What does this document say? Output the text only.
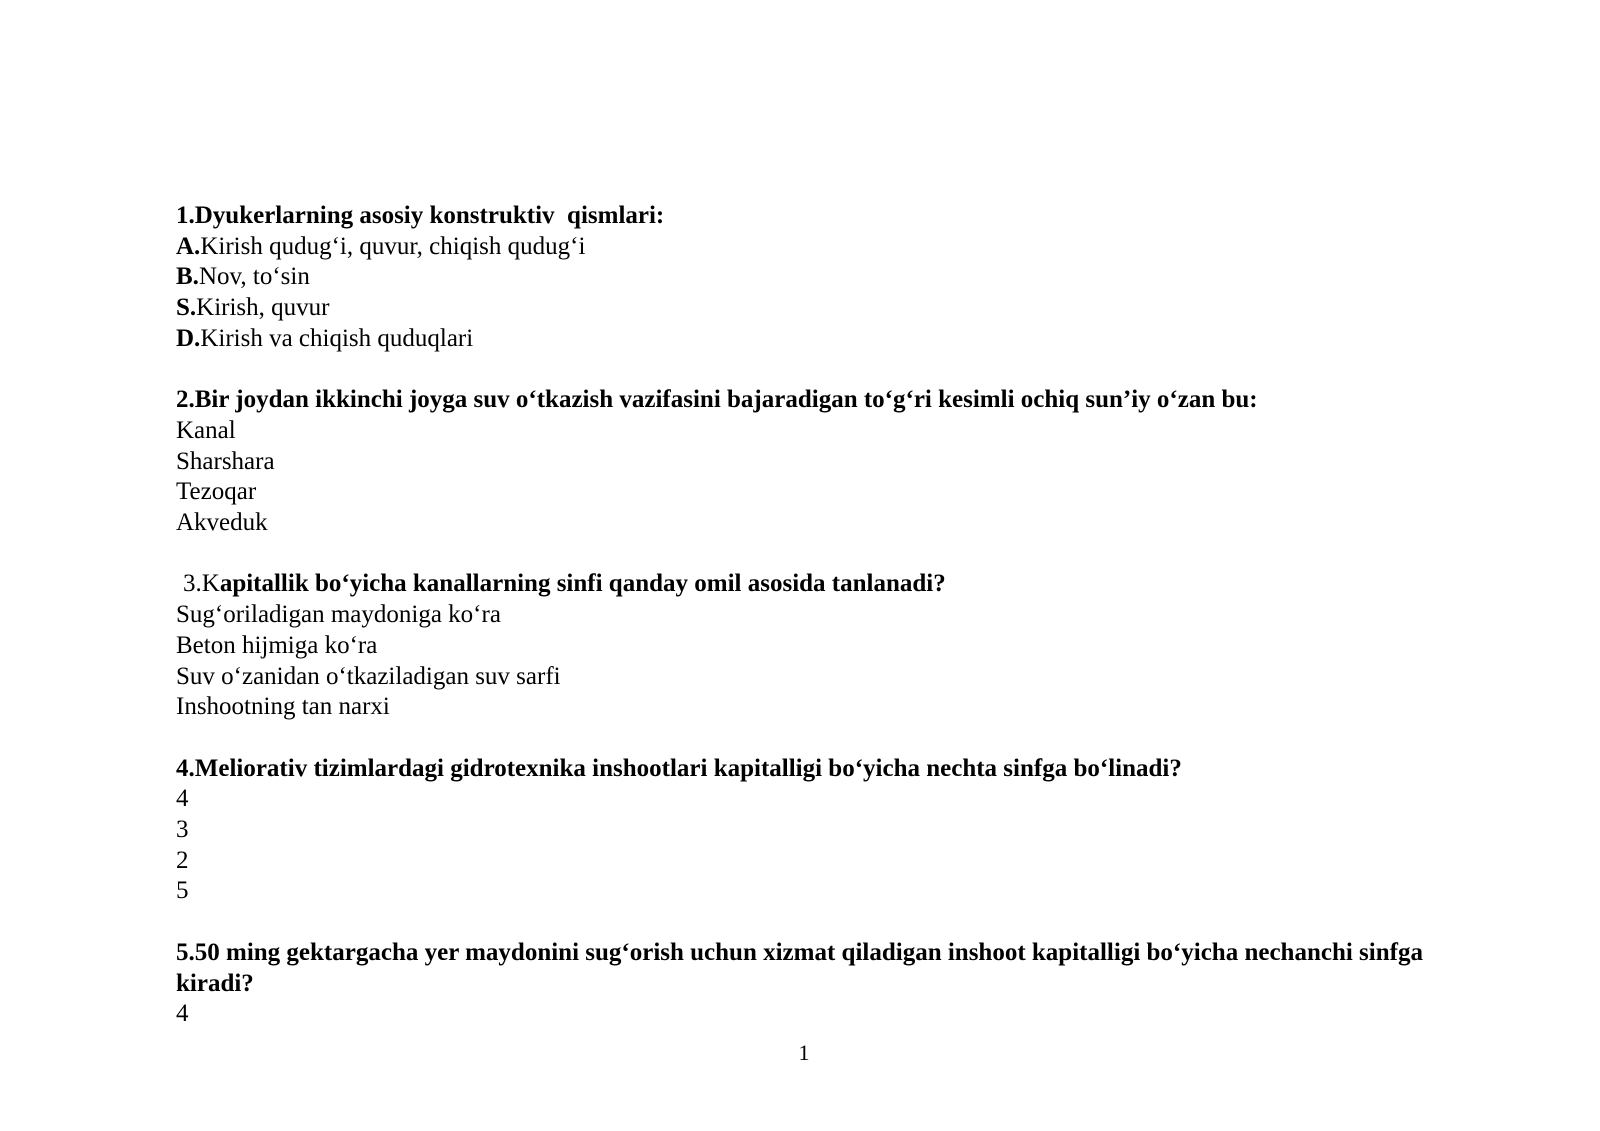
1.Dyukerlarning asosiy konstruktiv  qismlari:

A.Kirish qudug‘i, quvur, chiqish qudug‘i

B.Nov, to‘sin

S.Kirish, quvur

D.Kirish va chiqish quduqlari

2.Bir joydan ikkinchi joyga suv o‘tkazish vazifasini bajaradigan to‘g‘ri kesimli ochiq sun’iy o‘zan bu:

Kanal

Sharshara

Tezoqar

Akveduk

3.Kapitallik bo‘yicha kanallarning sinfi qanday omil asosida tanlanadi?

Sug‘oriladigan maydoniga ko‘ra

Beton hijmiga ko‘ra

Suv o‘zanidan o‘tkaziladigan suv sarfi

Inshootning tan narxi

4.Meliorativ tizimlardagi gidrotexnika inshootlari kapitalligi bo‘yicha nechta sinfga bo‘linadi?

4

3

2

5

5.50 ming gektargacha yer maydonini sug‘orish uchun xizmat qiladigan inshoot kapitalligi bo‘yicha nechanchi sinfga kiradi?

4

1
